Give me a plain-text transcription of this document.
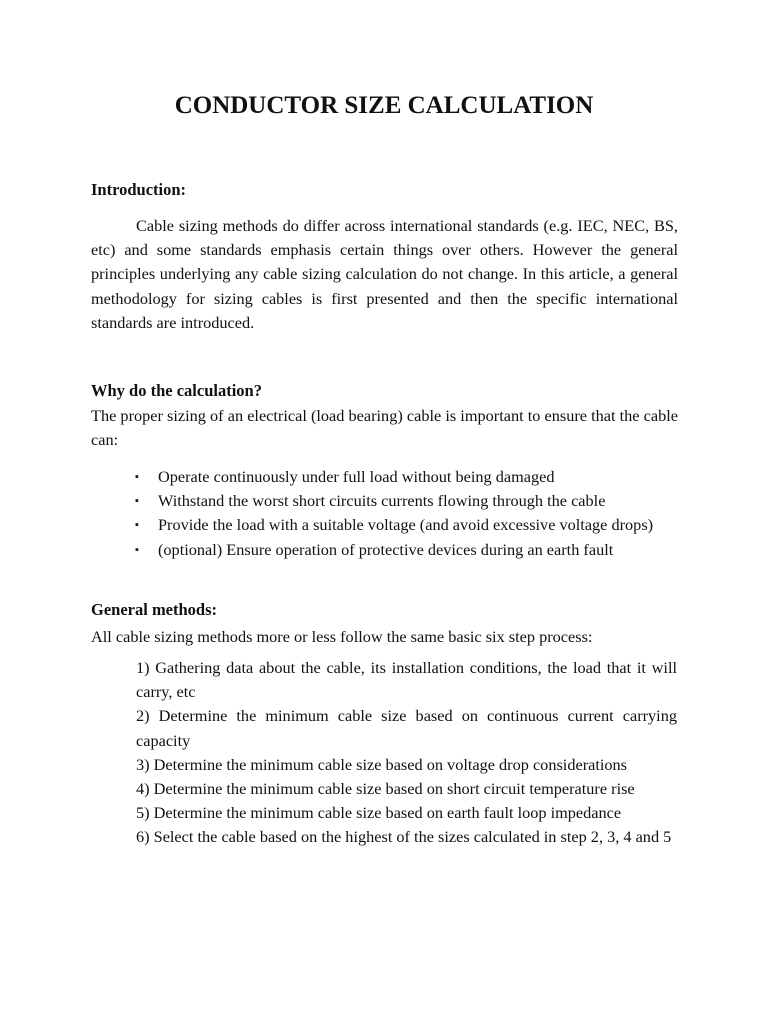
CONDUCTOR SIZE CALCULATION
Introduction:

Cable sizing methods do differ across international standards (e.g. IEC, NEC, BS, etc) and some standards emphasis certain things over others. However the general principles underlying any cable sizing calculation do not change. In this article, a general methodology for sizing cables is first presented and then the specific international standards are introduced.

Why do the calculation?

The proper sizing of an electrical (load bearing) cable is important to ensure that the cable can:

▪ Operate continuously under full load without being damaged
▪ Withstand the worst short circuits currents flowing through the cable
▪ Provide the load with a suitable voltage (and avoid excessive voltage drops)
▪ (optional) Ensure operation of protective devices during an earth fault
General methods:

All cable sizing methods more or less follow the same basic six step process:

1) Gathering data about the cable, its installation conditions, the load that it will carry, etc
2) Determine the minimum cable size based on continuous current carrying capacity
3) Determine the minimum cable size based on voltage drop considerations
4) Determine the minimum cable size based on short circuit temperature rise
5) Determine the minimum cable size based on earth fault loop impedance
6) Select the cable based on the highest of the sizes calculated in step 2, 3, 4 and 5
